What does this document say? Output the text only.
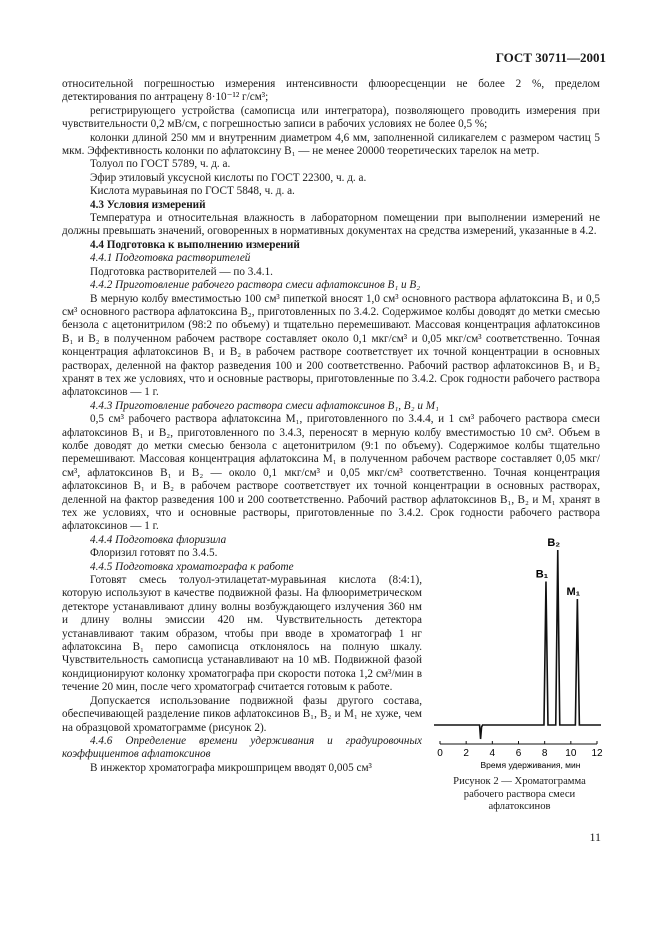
ГОСТ 30711—2001

относительной погрешностью измерения интенсивности флюоресценции не более 2 %, пределом детектирования по антрацену 8·10⁻¹² г/см³;

регистрирующего устройства (самописца или интегратора), позволяющего проводить измерения при чувствительности 0,2 мВ/см, с погрешностью записи в рабочих условиях не более 0,5 %;

колонки длиной 250 мм и внутренним диаметром 4,6 мм, заполненной силикагелем с размером частиц 5 мкм. Эффективность колонки по афлатоксину B₁ — не менее 20000 теоретических тарелок на метр.

Толуол по ГОСТ 5789, ч. д. а.

Эфир этиловый уксусной кислоты по ГОСТ 22300, ч. д. а.

Кислота муравьиная по ГОСТ 5848, ч. д. а.

4.3 Условия измерений

Температура и относительная влажность в лабораторном помещении при выполнении измерений не должны превышать значений, оговоренных в нормативных документах на средства измерений, указанные в 4.2.

4.4 Подготовка к выполнению измерений

4.4.1 Подготовка растворителей

Подготовка растворителей — по 3.4.1.

4.4.2 Приготовление рабочего раствора смеси афлатоксинов B₁ и B₂

В мерную колбу вместимостью 100 см³ пипеткой вносят 1,0 см³ основного раствора афлатоксина B₁ и 0,5 см³ основного раствора афлатоксина B₂, приготовленных по 3.4.2. Содержимое колбы доводят до метки смесью бензола с ацетонитрилом (98:2 по объему) и тщательно перемешивают. Массовая концентрация афлатоксинов B₁ и B₂ в полученном рабочем растворе составляет около 0,1 мкг/см³ и 0,05 мкг/см³ соответственно. Точная концентрация афлатоксинов B₁ и B₂ в рабочем растворе соответствует их точной концентрации в основных растворах, деленной на фактор разведения 100 и 200 соответственно. Рабочий раствор афлатоксинов B₁ и B₂ хранят в тех же условиях, что и основные растворы, приготовленные по 3.4.2. Срок годности рабочего раствора афлатоксинов — 1 г.

4.4.3 Приготовление рабочего раствора смеси афлатоксинов B₁, B₂ и M₁

0,5 см³ рабочего раствора афлатоксина M₁, приготовленного по 3.4.4, и 1 см³ рабочего раствора смеси афлатоксинов B₁ и B₂, приготовленного по 3.4.3, переносят в мерную колбу вместимостью 10 см³. Объем в колбе доводят до метки смесью бензола с ацетонитрилом (9:1 по объему). Содержимое колбы тщательно перемешивают. Массовая концентрация афлатоксина M₁ в полученном рабочем растворе составляет 0,05 мкг/см³, афлатоксинов B₁ и B₂ — около 0,1 мкг/см³ и 0,05 мкг/см³ соответственно. Точная концентрация афлатоксинов B₁ и B₂ в рабочем растворе соответствует их точной концентрации в основных растворах, деленной на фактор разведения 100 и 200 соответственно. Рабочий раствор афлатоксинов B₁, B₂ и M₁ хранят в тех же условиях, что и основные растворы, приготовленные по 3.4.2. Срок годности рабочего раствора афлатоксинов — 1 г.

4.4.4 Подготовка флоризила

Флоризил готовят по 3.4.5.

4.4.5 Подготовка хроматографа к работе

Готовят смесь толуол-этилацетат-муравьиная кислота (8:4:1), которую используют в качестве подвижной фазы. На флюориметрическом детекторе устанавливают длину волны возбуждающего излучения 360 нм и длину волны эмиссии 420 нм. Чувствительность детектора устанавливают таким образом, чтобы при вводе в хроматограф 1 нг афлатоксина B₁ перо самописца отклонялось на полную шкалу. Чувствительность самописца устанавливают на 10 мВ. Подвижной фазой кондиционируют колонку хроматографа при скорости потока 1,2 см³/мин в течение 20 мин, после чего хроматограф считается готовым к работе.

Допускается использование подвижной фазы другого состава, обеспечивающей разделение пиков афлатоксинов B₁, B₂ и M₁ не хуже, чем на образцовой хроматограмме (рисунок 2).

4.4.6 Определение времени удерживания и градуировочных коэффициентов афлатоксинов

В инжектор хроматографа микрошприцем вводят 0,005 см³

B₁
B₂
M₁
0 2 4 6 8 10 12
Время удерживания, мин
Рисунок 2 — Хроматограмма рабочего раствора смеси афлатоксинов
11
